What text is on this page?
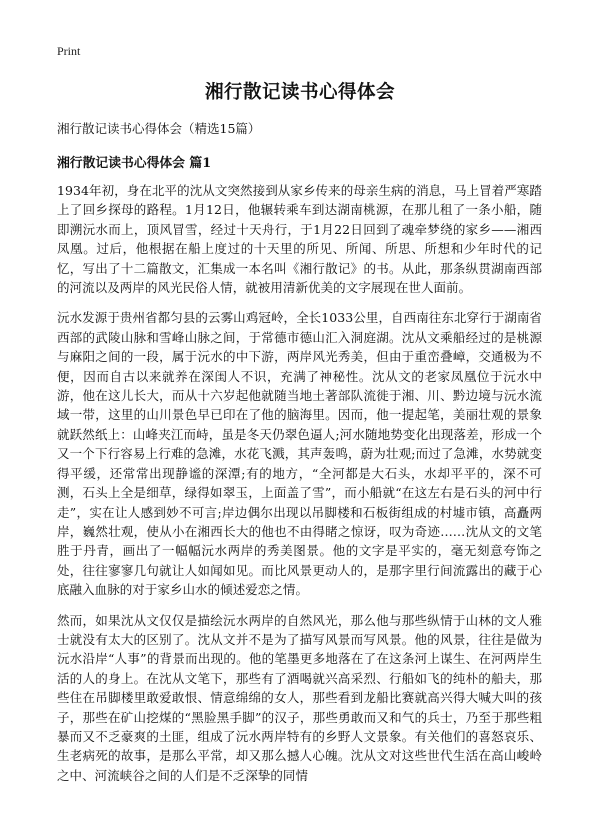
Print
湘行散记读书心得体会

湘行散记读书心得体会（精选15篇）

湘行散记读书心得体会 篇1

1934年初，身在北平的沈从文突然接到从家乡传来的母亲生病的消息，马上冒着严寒踏上了回乡探母的路程。1月12日，他辗转乘车到达湖南桃源，在那儿租了一条小船，随即溯沅水而上，顶风冒雪，经过十天舟行，于1月22日回到了魂牵梦绕的家乡——湘西凤凰。过后，他根据在船上度过的十天里的所见、所闻、所思、所想和少年时代的记忆，写出了十二篇散文，汇集成一本名叫《湘行散记》的书。从此，那条纵贯湖南西部的河流以及两岸的风光民俗人情，就被用清新优美的文字展现在世人面前。

沅水发源于贵州省都匀县的云雾山鸡冠岭，全长1033公里，自西南往东北穿行于湖南省西部的武陵山脉和雪峰山脉之间，于常德市德山汇入洞庭湖。沈从文乘船经过的是桃源与麻阳之间的一段，属于沅水的中下游，两岸风光秀美，但由于重峦叠嶂，交通极为不便，因而自古以来就养在深闺人不识，充满了神秘性。沈从文的老家凤凰位于沅水中游，他在这儿长大，而从十六岁起他就随当地土著部队流徙于湘、川、黔边境与沅水流域一带，这里的山川景色早已印在了他的脑海里。因而，他一提起笔，美丽壮观的景象就跃然纸上：山峰夹江而峙，虽是冬天仍翠色逼人;河水随地势变化出现落差，形成一个又一个下行容易上行难的急滩，水花飞溅，其声轰鸣，蔚为壮观;而过了急滩，水势就变得平缓，还常常出现静谧的深潭;有的地方，“全河都是大石头，水却平平的，深不可测，石头上全是细草，绿得如翠玉，上面盖了雪”，而小船就“在这左右是石头的河中行走”，实在让人感到妙不可言;岸边偶尔出现以吊脚楼和石板街组成的村墟市镇，高矗两岸，巍然壮观，使从小在湘西长大的他也不由得睹之惊讶，叹为奇迹……沈从文的文笔胜于丹青，画出了一幅幅沅水两岸的秀美图景。他的文字是平实的，毫无刻意夸饰之处，往往寥寥几句就让人如闻如见。而比风景更动人的，是那字里行间流露出的藏于心底融入血脉的对于家乡山水的倾述爱恋之情。

然而，如果沈从文仅仅是描绘沅水两岸的自然风光，那么他与那些纵情于山林的文人雅士就没有太大的区别了。沈从文并不是为了描写风景而写风景。他的风景，往往是做为沅水沿岸“人事”的背景而出现的。他的笔墨更多地落在了在这条河上谋生、在河两岸生活的人的身上。在沈从文笔下，那些有了酒喝就兴高采烈、行船如飞的纯朴的船夫，那些住在吊脚楼里敢爱敢恨、情意绵绵的女人，那些看到龙船比赛就高兴得大喊大叫的孩子，那些在矿山挖煤的“黑脸黑手脚”的汉子，那些勇敢而又和气的兵士，乃至于那些粗暴而又不乏豪爽的土匪，组成了沅水两岸特有的乡野人文景象。有关他们的喜怒哀乐、生老病死的故事，是那么平常，却又那么撼人心魄。沈从文对这些世代生活在高山峻岭之中、河流峡谷之间的人们是不乏深挚的同情
